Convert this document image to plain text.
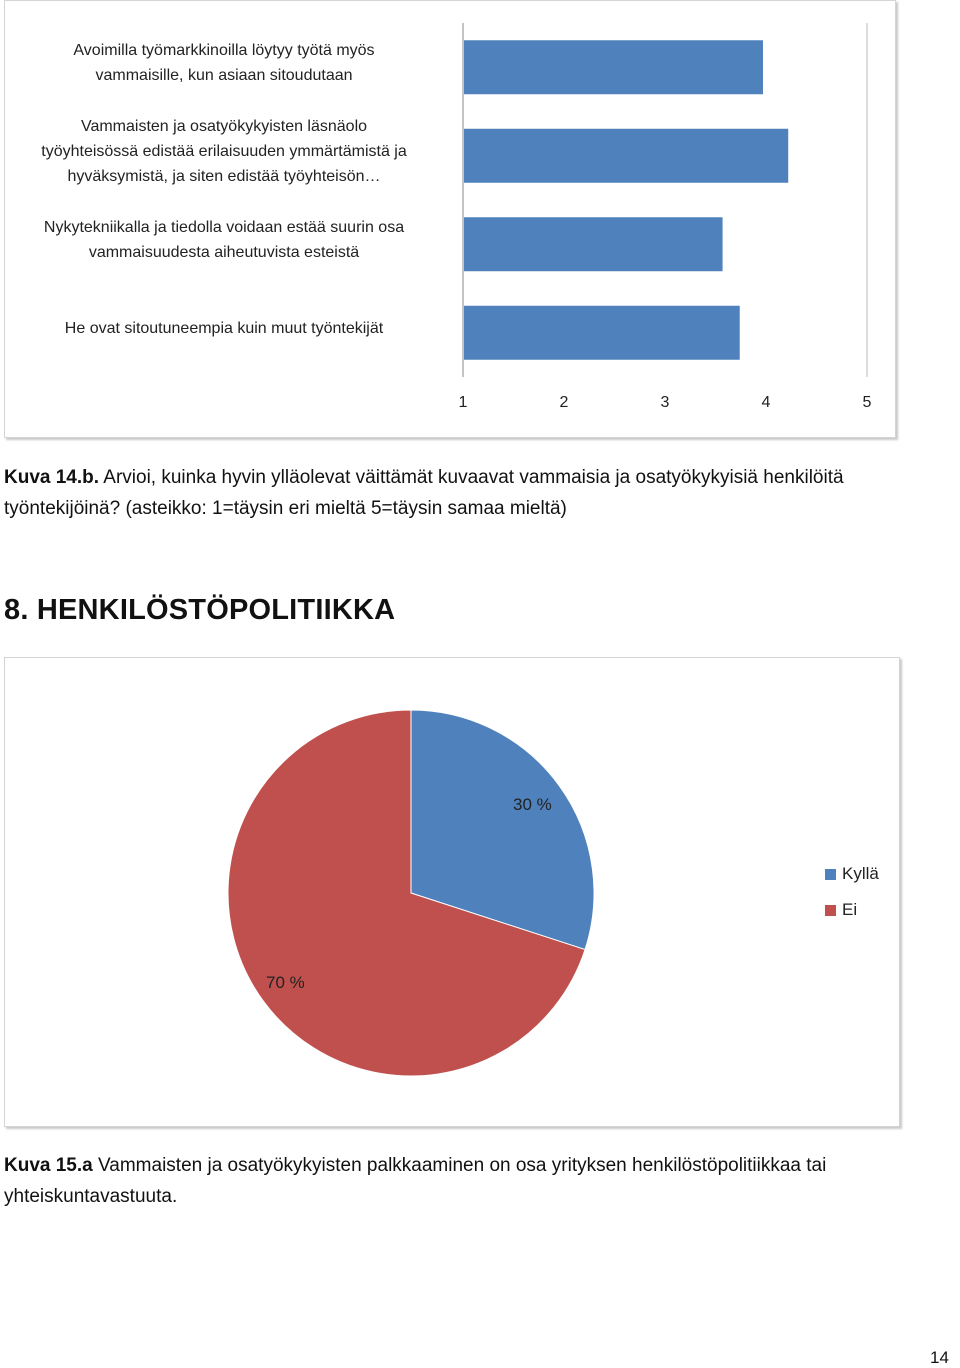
Avoimilla työmarkkinoilla löytyy työtä myös
vammaisille, kun asiaan sitoudutaan
Vammaisten ja osatyökykyisten läsnäolo
työyhteisössä edistää erilaisuuden ymmärtämistä ja
hyväksymistä, ja siten edistää työyhteisön…
Nykytekniikalla ja tiedolla voidaan estää suurin osa
vammaisuudesta aiheutuvista esteistä
He ovat sitoutuneempia kuin muut työntekijät
1	2	3	4	5
Kuva 14.b. Arvioi, kuinka hyvin ylläolevat väittämät kuvaavat vammaisia ja osatyökykyisiä henkilöitä
työntekijöinä? (asteikko: 1=täysin eri mieltä 5=täysin samaa mieltä)
8. HENKILÖSTÖPOLITIIKKA
30 %
70 %
Kyllä
Ei
Kuva 15.a Vammaisten ja osatyökykyisten palkkaaminen on osa yrityksen henkilöstöpolitiikkaa tai
yhteiskuntavastuuta.
14
